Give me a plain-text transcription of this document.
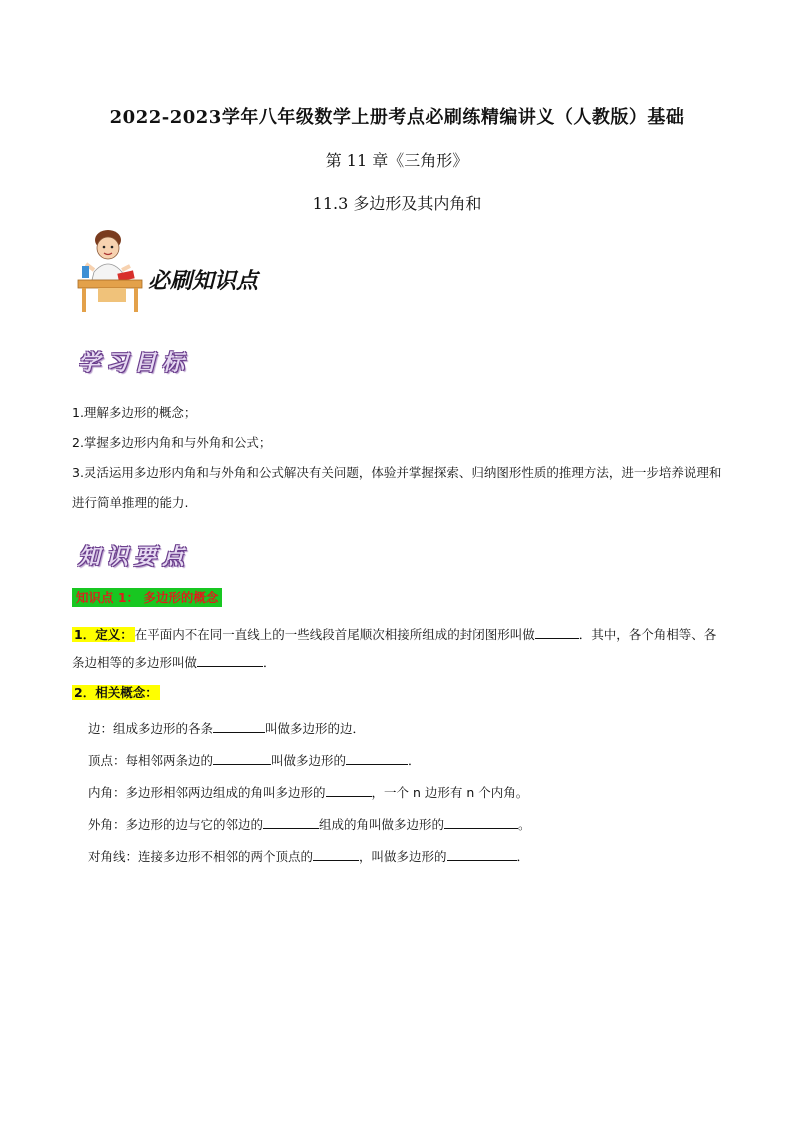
2022-2023学年八年级数学上册考点必刷练精编讲义（人教版）基础
第 11 章《三角形》
11.3 多边形及其内角和
必刷知识点
学习目标
1.理解多边形的概念；
2.掌握多边形内角和与外角和公式；
3.灵活运用多边形内角和与外角和公式解决有关问题，体验并掌握探索、归纳图形性质的推理方法，进一步培养说理和进行简单推理的能力.
知识要点
知识点 1： 多边形的概念
1．定义： 在平面内不在同一直线上的一些线段首尾顺次相接所组成的封闭图形叫做	．其中，各个角相等、各条边相等的多边形叫做	．
2．相关概念：
边：组成多边形的各条	叫做多边形的边．
顶点：每相邻两条边的	叫做多边形的	．
内角：多边形相邻两边组成的角叫多边形的	，一个 n 边形有 n 个内角。
外角：多边形的边与它的邻边的	组成的角叫做多边形的	。
对角线：连接多边形不相邻的两个顶点的	，叫做多边形的	．
